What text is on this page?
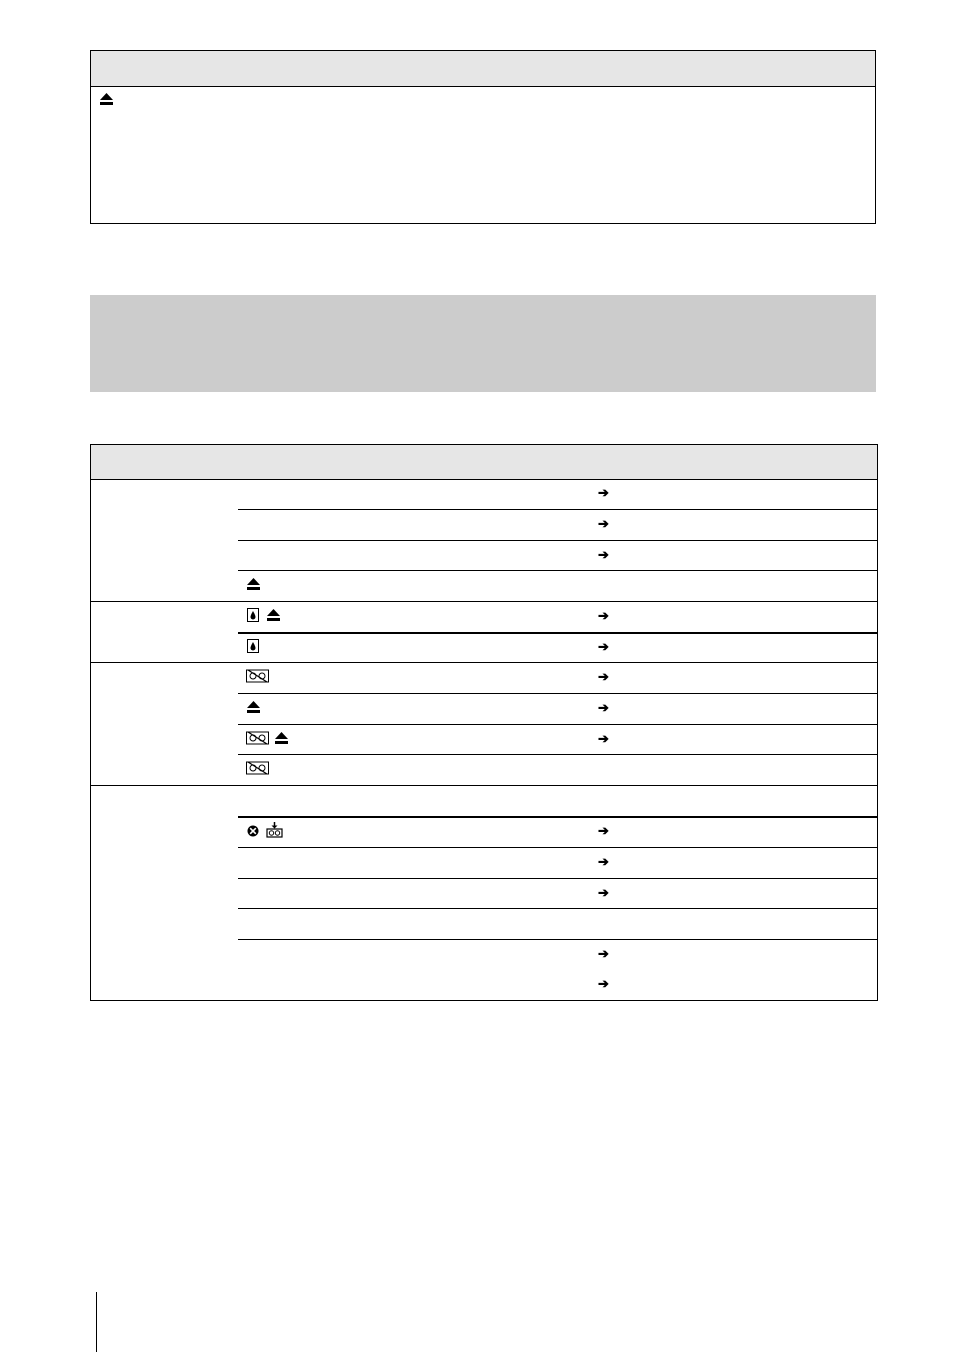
➔
➔
➔
➔
➔
➔
➔
➔
➔
➔
➔
➔
➔
